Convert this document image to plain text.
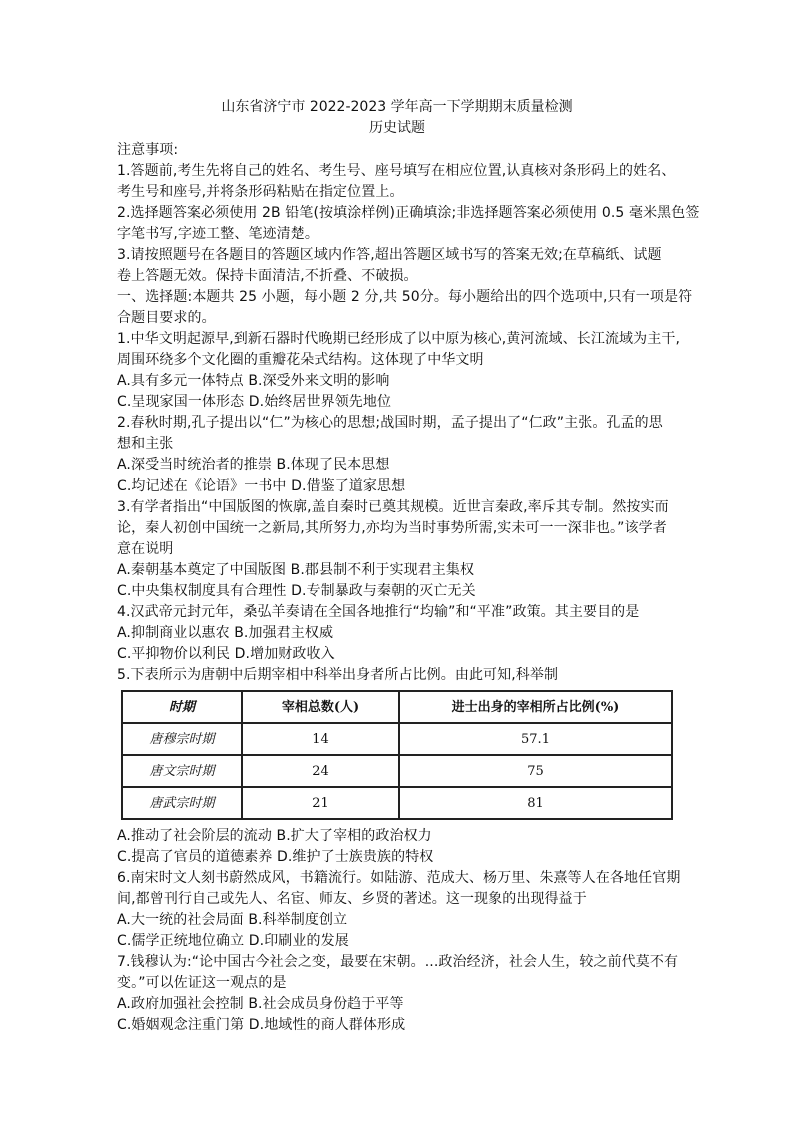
山东省济宁市 2022-2023 学年高一下学期期末质量检测
历史试题

注意事项:

1.答题前,考生先将自己的姓名、考生号、座号填写在相应位置,认真核对条形码上的姓名、

考生号和座号,并将条形码粘贴在指定位置上。

2.选择题答案必须使用 2B 铅笔(按填涂样例)正确填涂;非选择题答案必须使用 0.5 毫米黑色签

字笔书写,字迹工整、笔迹清楚。

3.请按照题号在各题目的答题区域内作答,超出答题区域书写的答案无效;在草稿纸、试题

卷上答题无效。保持卡面清洁,不折叠、不破损。

一、选择题:本题共 25 小题，每小题 2 分,共 50分。每小题给出的四个选项中,只有一项是符

合题目要求的。

1.中华文明起源早,到新石器时代晚期已经形成了以中原为核心,黄河流域、长江流域为主干,

周围环绕多个文化圈的重瓣花朵式结构。这体现了中华文明

A.具有多元一体特点 B.深受外来文明的影响

C.呈现家国一体形态 D.始终居世界领先地位

2.春秋时期,孔子提出以“仁”为核心的思想;战国时期，孟子提出了“仁政”主张。孔孟的思

想和主张

A.深受当时统治者的推崇 B.体现了民本思想

C.均记述在《论语》一书中 D.借鉴了道家思想

3.有学者指出“中国版图的恢廓,盖自秦时已奠其规模。近世言秦政,率斥其专制。然按实而

论，秦人初创中国统一之新局,其所努力,亦均为当时事势所需,实未可一一深非也。”该学者

意在说明

A.秦朝基本奠定了中国版图 B.郡县制不利于实现君主集权

C.中央集权制度具有合理性 D.专制暴政与秦朝的灭亡无关

4.汉武帝元封元年，桑弘羊奏请在全国各地推行“均输”和“平准”政策。其主要目的是

A.抑制商业以惠农 B.加强君主权威

C.平抑物价以利民 D.增加财政收入

5.下表所示为唐朝中后期宰相中科举出身者所占比例。由此可知,科举制

时期	宰相总数(人)	进士出身的宰相所占比例(%)
唐穆宗时期	14	57.1
唐文宗时期	24	75
唐武宗时期	21	81

A.推动了社会阶层的流动 B.扩大了宰相的政治权力

C.提高了官员的道德素养 D.维护了士族贵族的特权

6.南宋时文人刻书蔚然成风，书籍流行。如陆游、范成大、杨万里、朱熹等人在各地任官期

间,都曾刊行自己或先人、名宦、师友、乡贤的著述。这一现象的出现得益于

A.大一统的社会局面 B.科举制度创立

C.儒学正统地位确立 D.印刷业的发展

7.钱穆认为:“论中国古今社会之变，最要在宋朝。...政治经济，社会人生，较之前代莫不有

变。”可以佐证这一观点的是

A.政府加强社会控制 B.社会成员身份趋于平等

C.婚姻观念注重门第 D.地域性的商人群体形成
